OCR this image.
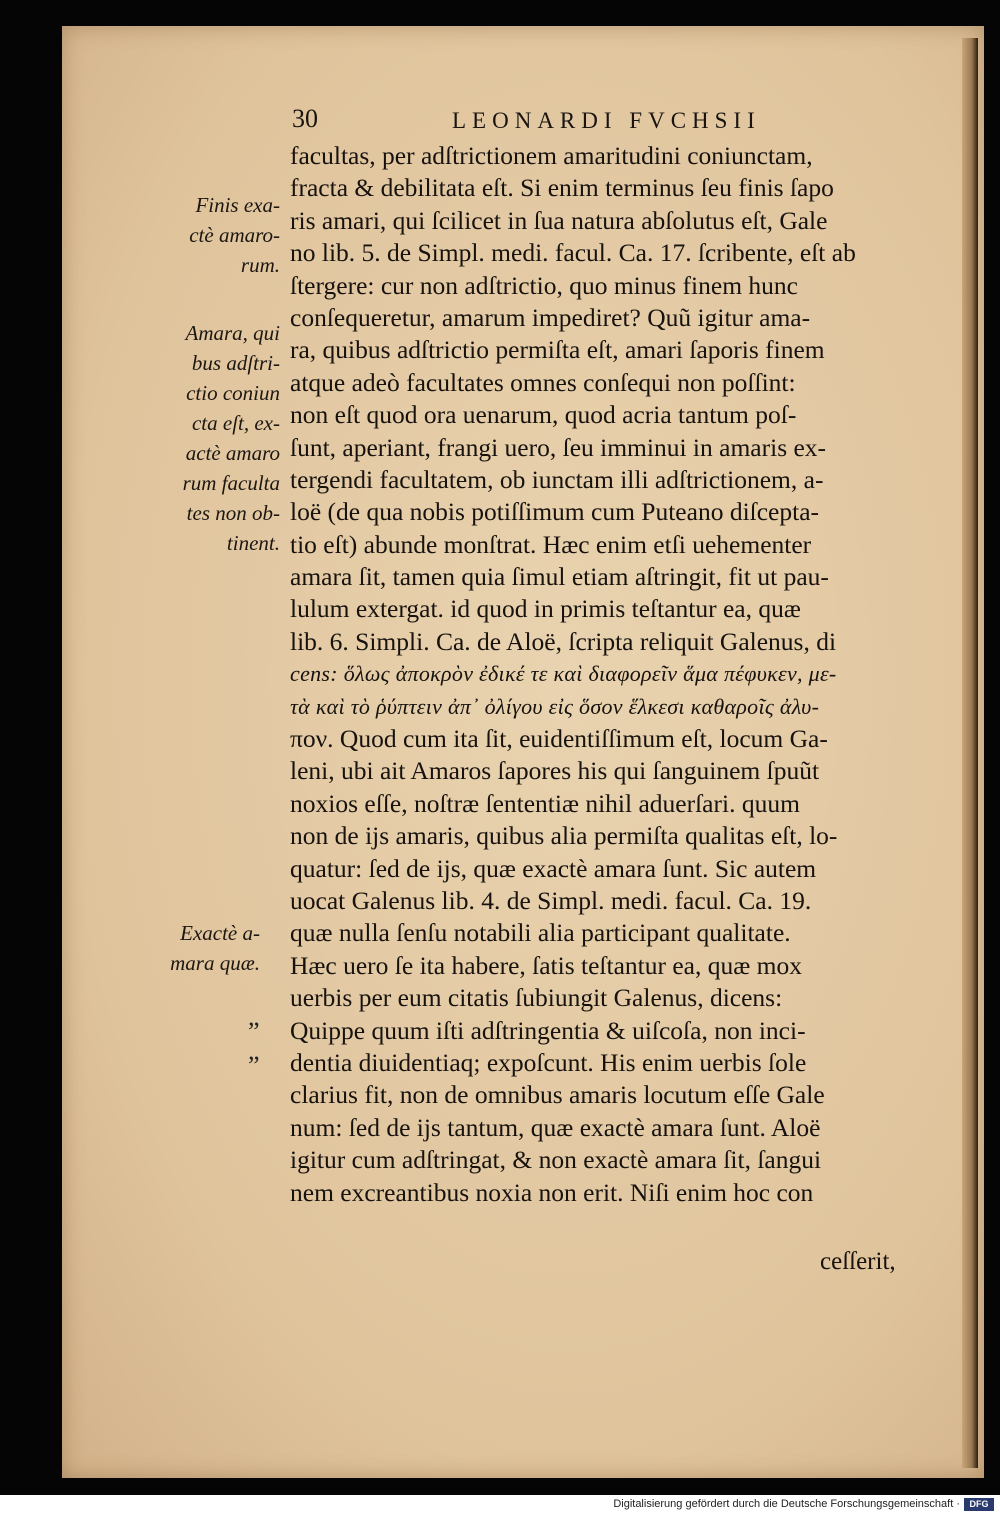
30	LEONARDI FVCHSII
facultas, per adſtrictionem amaritudini coniunctam,
fracta & debilitata eſt. Si enim terminus ſeu finis ſapo
ris amari, qui ſcilicet in ſua natura abſolutus eſt, Gale
no lib. 5. de Simpl. medi. facul. Ca. 17. ſcribente, eſt ab
ſtergere: cur non adſtrictio, quo minus finem hunc
conſequeretur, amarum impediret? Quũ igitur ama-
ra, quibus adſtrictio permiſta eſt, amari ſaporis finem
atque adeò facultates omnes conſequi non poſſint:
non eſt quod ora uenarum, quod acria tantum poſ-
ſunt, aperiant, frangi uero, ſeu imminui in amaris ex-
tergendi facultatem, ob iunctam illi adſtrictionem, a-
loë (de qua nobis potiſſimum cum Puteano diſcepta-
tio eſt) abunde monſtrat. Hæc enim etſi uehementer
amara ſit, tamen quia ſimul etiam aſtringit, fit ut pau-
lulum extergat. id quod in primis teſtantur ea, quæ
lib. 6. Simpli. Ca. de Aloë, ſcripta reliquit Galenus, di
cens: ὅλως ἀποκρὸν ἐδικέ τε καὶ διαφορεῖν ἅμα πέφυκεν, με-
τὰ καὶ τὸ ῥύπτειν ἀπ᾽ ὀλίγου εἰς ὅσον ἕλκεσι καθαροῖς ἀλυ-
πον. Quod cum ita ſit, euidentiſſimum eſt, locum Ga-
leni, ubi ait Amaros ſapores his qui ſanguinem ſpuũt
noxios eſſe, noſtræ ſententiæ nihil aduerſari. quum
non de ijs amaris, quibus alia permiſta qualitas eſt, lo-
quatur: ſed de ijs, quæ exactè amara ſunt. Sic autem
uocat Galenus lib. 4. de Simpl. medi. facul. Ca. 19.
quæ nulla ſenſu notabili alia participant qualitate.
Hæc uero ſe ita habere, ſatis teſtantur ea, quæ mox
uerbis per eum citatis ſubiungit Galenus, dicens:
Quippe quum iſti adſtringentia & uiſcoſa, non inci-
dentia diuidentiaq; expoſcunt. His enim uerbis ſole
clarius fit, non de omnibus amaris locutum eſſe Gale
num: ſed de ijs tantum, quæ exactè amara ſunt. Aloë
igitur cum adſtringat, & non exactè amara ſit, ſangui
nem excreantibus noxia non erit. Niſi enim hoc con
ceſſerit,
Finis exa-
ctè amaro-
rum.
Amara, qui
bus adſtri-
ctio coniun
cta eſt, ex-
actè amaro
rum faculta
tes non ob-
tinent.
Exactè a-
mara quæ.
„
„
Digitalisierung gefördert durch die Deutsche Forschungsgemeinschaft ·	DFG
